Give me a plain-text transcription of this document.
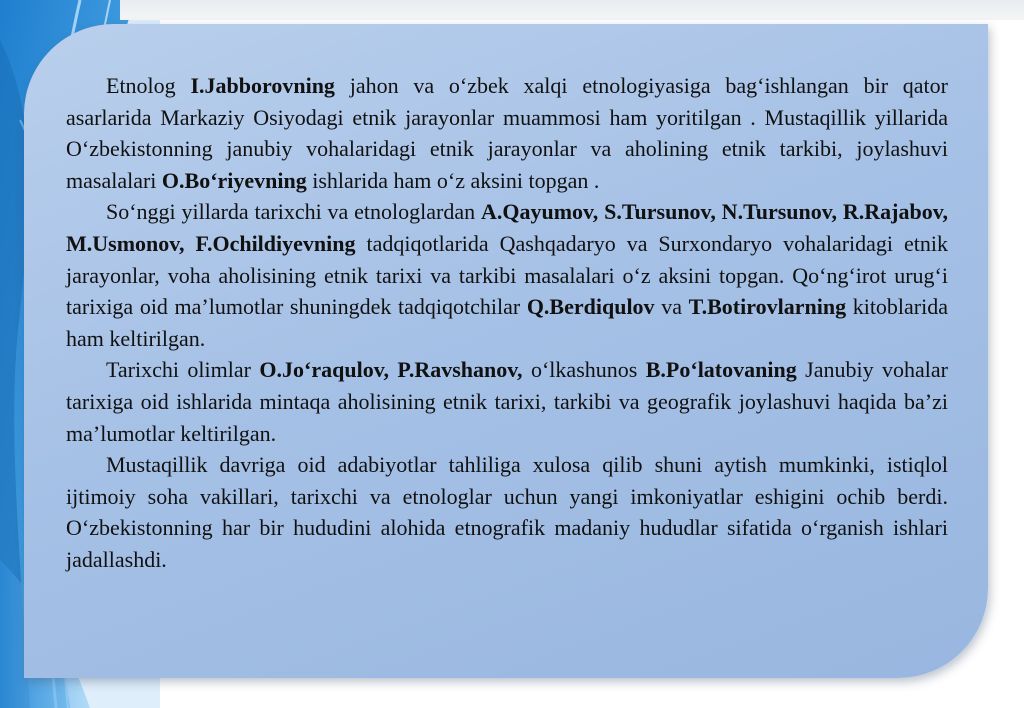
Etnolog I.Jabborovning jahon va o‘zbek xalqi etnologiyasiga bag‘ishlangan bir qator asarlarida Markaziy Osiyodagi etnik jarayonlar muammosi ham yoritilgan . Mustaqillik yillarida O‘zbekistonning janubiy vohalaridagi etnik jarayonlar va aholining etnik tarkibi, joylashuvi masalalari O.Bo‘riyevning ishlarida ham o‘z aksini topgan .

So‘nggi yillarda tarixchi va etnologlardan A.Qayumov, S.Tursunov, N.Tursunov, R.Rajabov, M.Usmonov, F.Ochildiyevning tadqiqotlarida Qashqadaryo va Surxondaryo vohalaridagi etnik jarayonlar, voha aholisining etnik tarixi va tarkibi masalalari o‘z aksini topgan. Qo‘ng‘irot urug‘i tarixiga oid ma’lumotlar shuningdek tadqiqotchilar Q.Berdiqulov va T.Botirovlarning kitoblarida ham keltirilgan.

Tarixchi olimlar O.Jo‘raqulov, P.Ravshanov, o‘lkashunos B.Po‘latovaning Janubiy vohalar tarixiga oid ishlarida mintaqa aholisining etnik tarixi, tarkibi va geografik joylashuvi haqida ba’zi ma’lumotlar keltirilgan.

Mustaqillik davriga oid adabiyotlar tahliliga xulosa qilib shuni aytish mumkinki, istiqlol ijtimoiy soha vakillari, tarixchi va etnologlar uchun yangi imkoniyatlar eshigini ochib berdi. O‘zbekistonning har bir hududini alohida etnografik madaniy hududlar sifatida o‘rganish ishlari jadallashdi.
